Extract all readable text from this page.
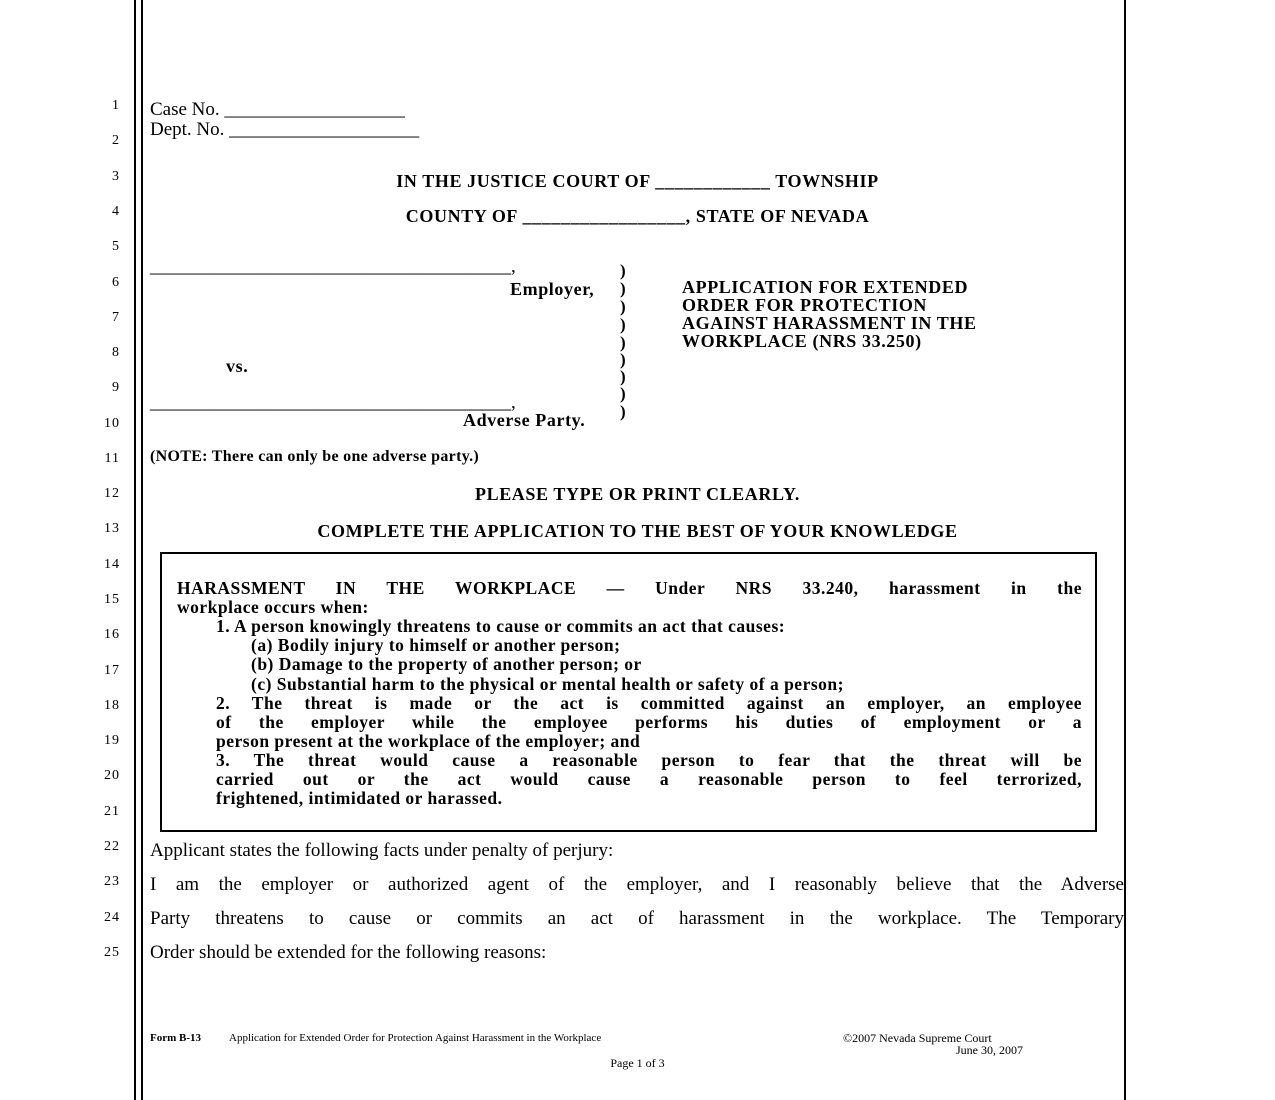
1
2
3
4
5
6
7
8
9
10
11
12
13
14
15
16
17
18
19
20
21
22
23
24
25
Case No. ___________________
Dept. No. ____________________
IN THE JUSTICE COURT OF ____________ TOWNSHIP
COUNTY OF _________________, STATE OF NEVADA
______________________________________,
Employer,
vs.
______________________________________,
Adverse Party.
)
)
)
)
)
)
)
)
)
APPLICATION FOR EXTENDED
ORDER FOR PROTECTION
AGAINST HARASSMENT IN THE
WORKPLACE (NRS 33.250)
(NOTE: There can only be one adverse party.)
PLEASE TYPE OR PRINT CLEARLY.
COMPLETE THE APPLICATION TO THE BEST OF YOUR KNOWLEDGE
HARASSMENT IN THE WORKPLACE — Under NRS 33.240, harassment in the
workplace occurs when:
1. A person knowingly threatens to cause or commits an act that causes:
(a) Bodily injury to himself or another person;
(b) Damage to the property of another person; or
(c) Substantial harm to the physical or mental health or safety of a person;
2. The threat is made or the act is committed against an employer, an employee
of the employer while the employee performs his duties of employment or a
person present at the workplace of the employer; and
3. The threat would cause a reasonable person to fear that the threat will be
carried out or the act would cause a reasonable person to feel terrorized,
frightened, intimidated or harassed.
Applicant states the following facts under penalty of perjury:
I am the employer or authorized agent of the employer, and I reasonably believe that the Adverse
Party threatens to cause or commits an act of harassment in the workplace. The Temporary
Order should be extended for the following reasons:
Form B-13	Application for Extended Order for Protection Against Harassment in the Workplace	©2007 Nevada Supreme Court
June 30, 2007
Page 1 of 3
